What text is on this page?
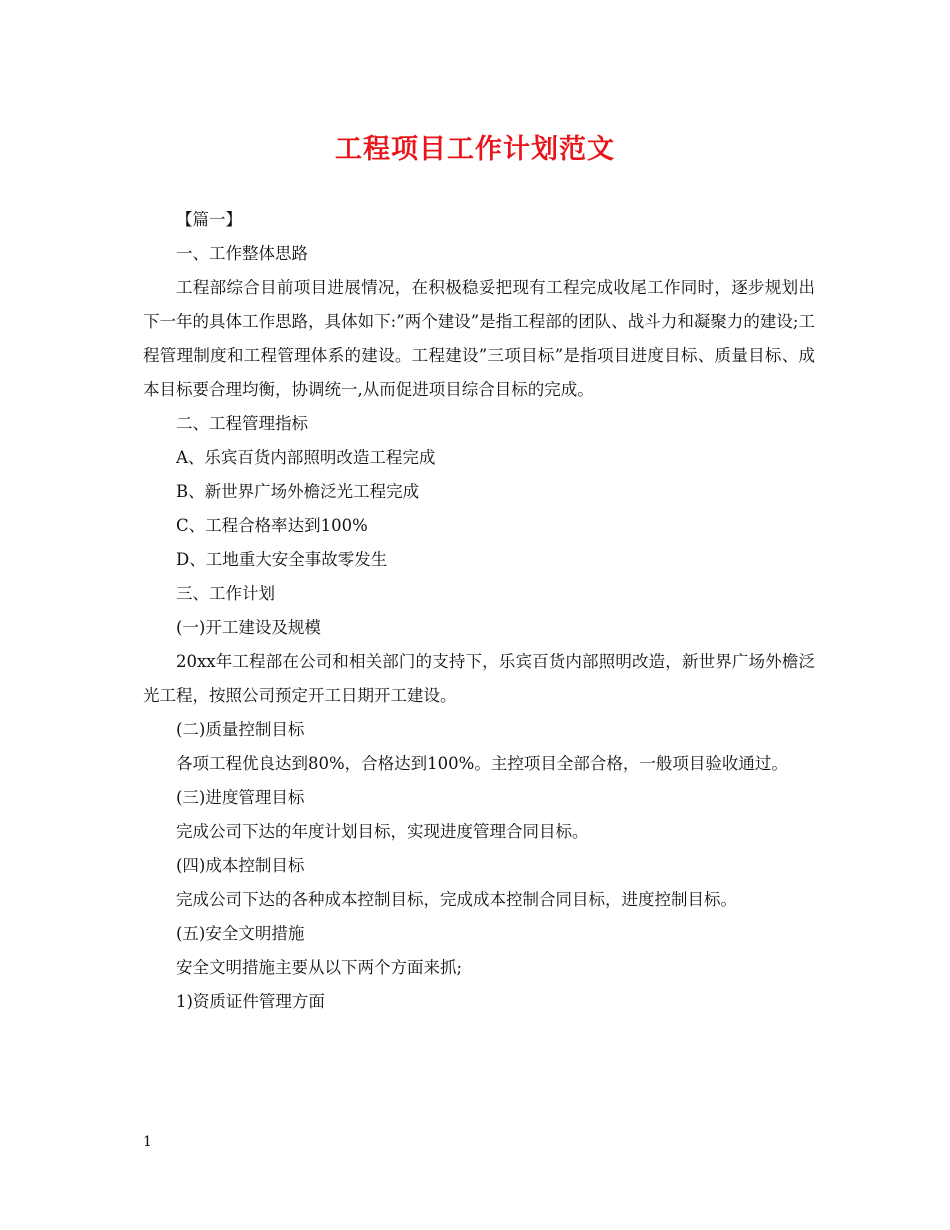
工程项目工作计划范文

【篇一】

一、工作整体思路

工程部综合目前项目进展情况，在积极稳妥把现有工程完成收尾工作同时，逐步规划出下一年的具体工作思路，具体如下:”两个建设”是指工程部的团队、战斗力和凝聚力的建设;工程管理制度和工程管理体系的建设。工程建设”三项目标”是指项目进度目标、质量目标、成本目标要合理均衡，协调统一,从而促进项目综合目标的完成。

二、工程管理指标

A、乐宾百货内部照明改造工程完成

B、新世界广场外檐泛光工程完成

C、工程合格率达到100%

D、工地重大安全事故零发生

三、工作计划

(一)开工建设及规模

20xx年工程部在公司和相关部门的支持下，乐宾百货内部照明改造，新世界广场外檐泛光工程，按照公司预定开工日期开工建设。

(二)质量控制目标

各项工程优良达到80%，合格达到100%。主控项目全部合格，一般项目验收通过。

(三)进度管理目标

完成公司下达的年度计划目标，实现进度管理合同目标。

(四)成本控制目标

完成公司下达的各种成本控制目标，完成成本控制合同目标，进度控制目标。

(五)安全文明措施

安全文明措施主要从以下两个方面来抓;

1)资质证件管理方面

1
